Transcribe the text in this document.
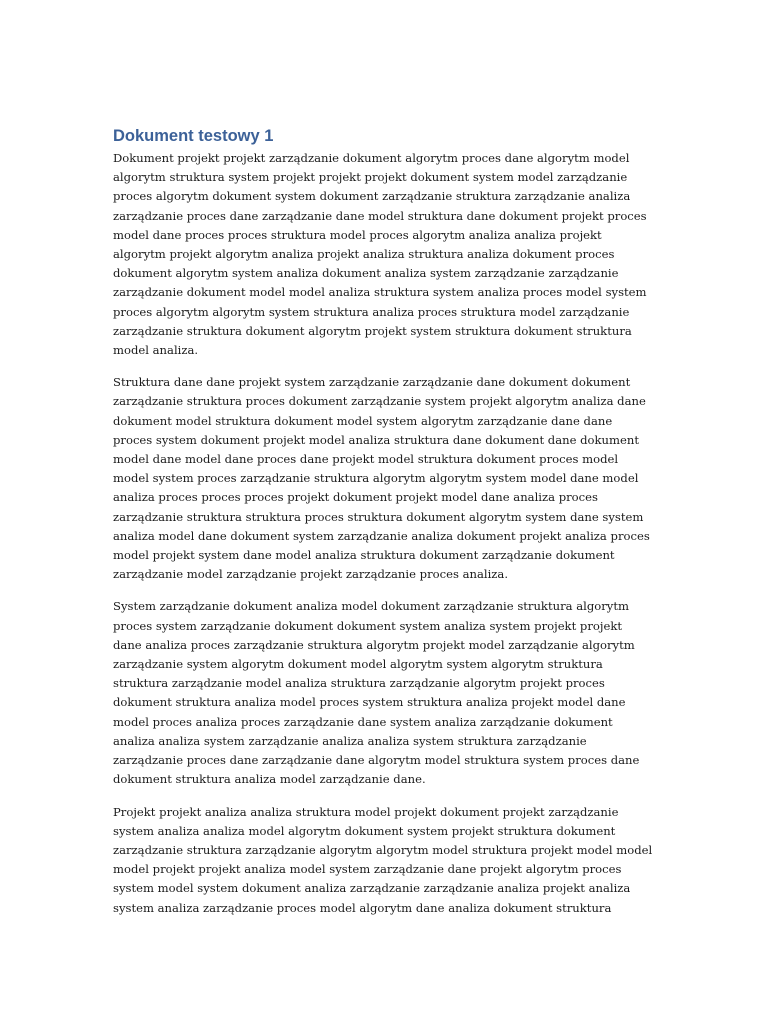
Dokument testowy 1
Dokument projekt projekt zarządzanie dokument algorytm proces dane algorytm model
algorytm struktura system projekt projekt projekt dokument system model zarządzanie
proces algorytm dokument system dokument zarządzanie struktura zarządzanie analiza
zarządzanie proces dane zarządzanie dane model struktura dane dokument projekt proces
model dane proces proces struktura model proces algorytm analiza analiza projekt
algorytm projekt algorytm analiza projekt analiza struktura analiza dokument proces
dokument algorytm system analiza dokument analiza system zarządzanie zarządzanie
zarządzanie dokument model model analiza struktura system analiza proces model system
proces algorytm algorytm system struktura analiza proces struktura model zarządzanie
zarządzanie struktura dokument algorytm projekt system struktura dokument struktura
model analiza.
Struktura dane dane projekt system zarządzanie zarządzanie dane dokument dokument
zarządzanie struktura proces dokument zarządzanie system projekt algorytm analiza dane
dokument model struktura dokument model system algorytm zarządzanie dane dane
proces system dokument projekt model analiza struktura dane dokument dane dokument
model dane model dane proces dane projekt model struktura dokument proces model
model system proces zarządzanie struktura algorytm algorytm system model dane model
analiza proces proces proces projekt dokument projekt model dane analiza proces
zarządzanie struktura struktura proces struktura dokument algorytm system dane system
analiza model dane dokument system zarządzanie analiza dokument projekt analiza proces
model projekt system dane model analiza struktura dokument zarządzanie dokument
zarządzanie model zarządzanie projekt zarządzanie proces analiza.
System zarządzanie dokument analiza model dokument zarządzanie struktura algorytm
proces system zarządzanie dokument dokument system analiza system projekt projekt
dane analiza proces zarządzanie struktura algorytm projekt model zarządzanie algorytm
zarządzanie system algorytm dokument model algorytm system algorytm struktura
struktura zarządzanie model analiza struktura zarządzanie algorytm projekt proces
dokument struktura analiza model proces system struktura analiza projekt model dane
model proces analiza proces zarządzanie dane system analiza zarządzanie dokument
analiza analiza system zarządzanie analiza analiza system struktura zarządzanie
zarządzanie proces dane zarządzanie dane algorytm model struktura system proces dane
dokument struktura analiza model zarządzanie dane.
Projekt projekt analiza analiza struktura model projekt dokument projekt zarządzanie
system analiza analiza model algorytm dokument system projekt struktura dokument
zarządzanie struktura zarządzanie algorytm algorytm model struktura projekt model model
model projekt projekt analiza model system zarządzanie dane projekt algorytm proces
system model system dokument analiza zarządzanie zarządzanie analiza projekt analiza
system analiza zarządzanie proces model algorytm dane analiza dokument struktura
